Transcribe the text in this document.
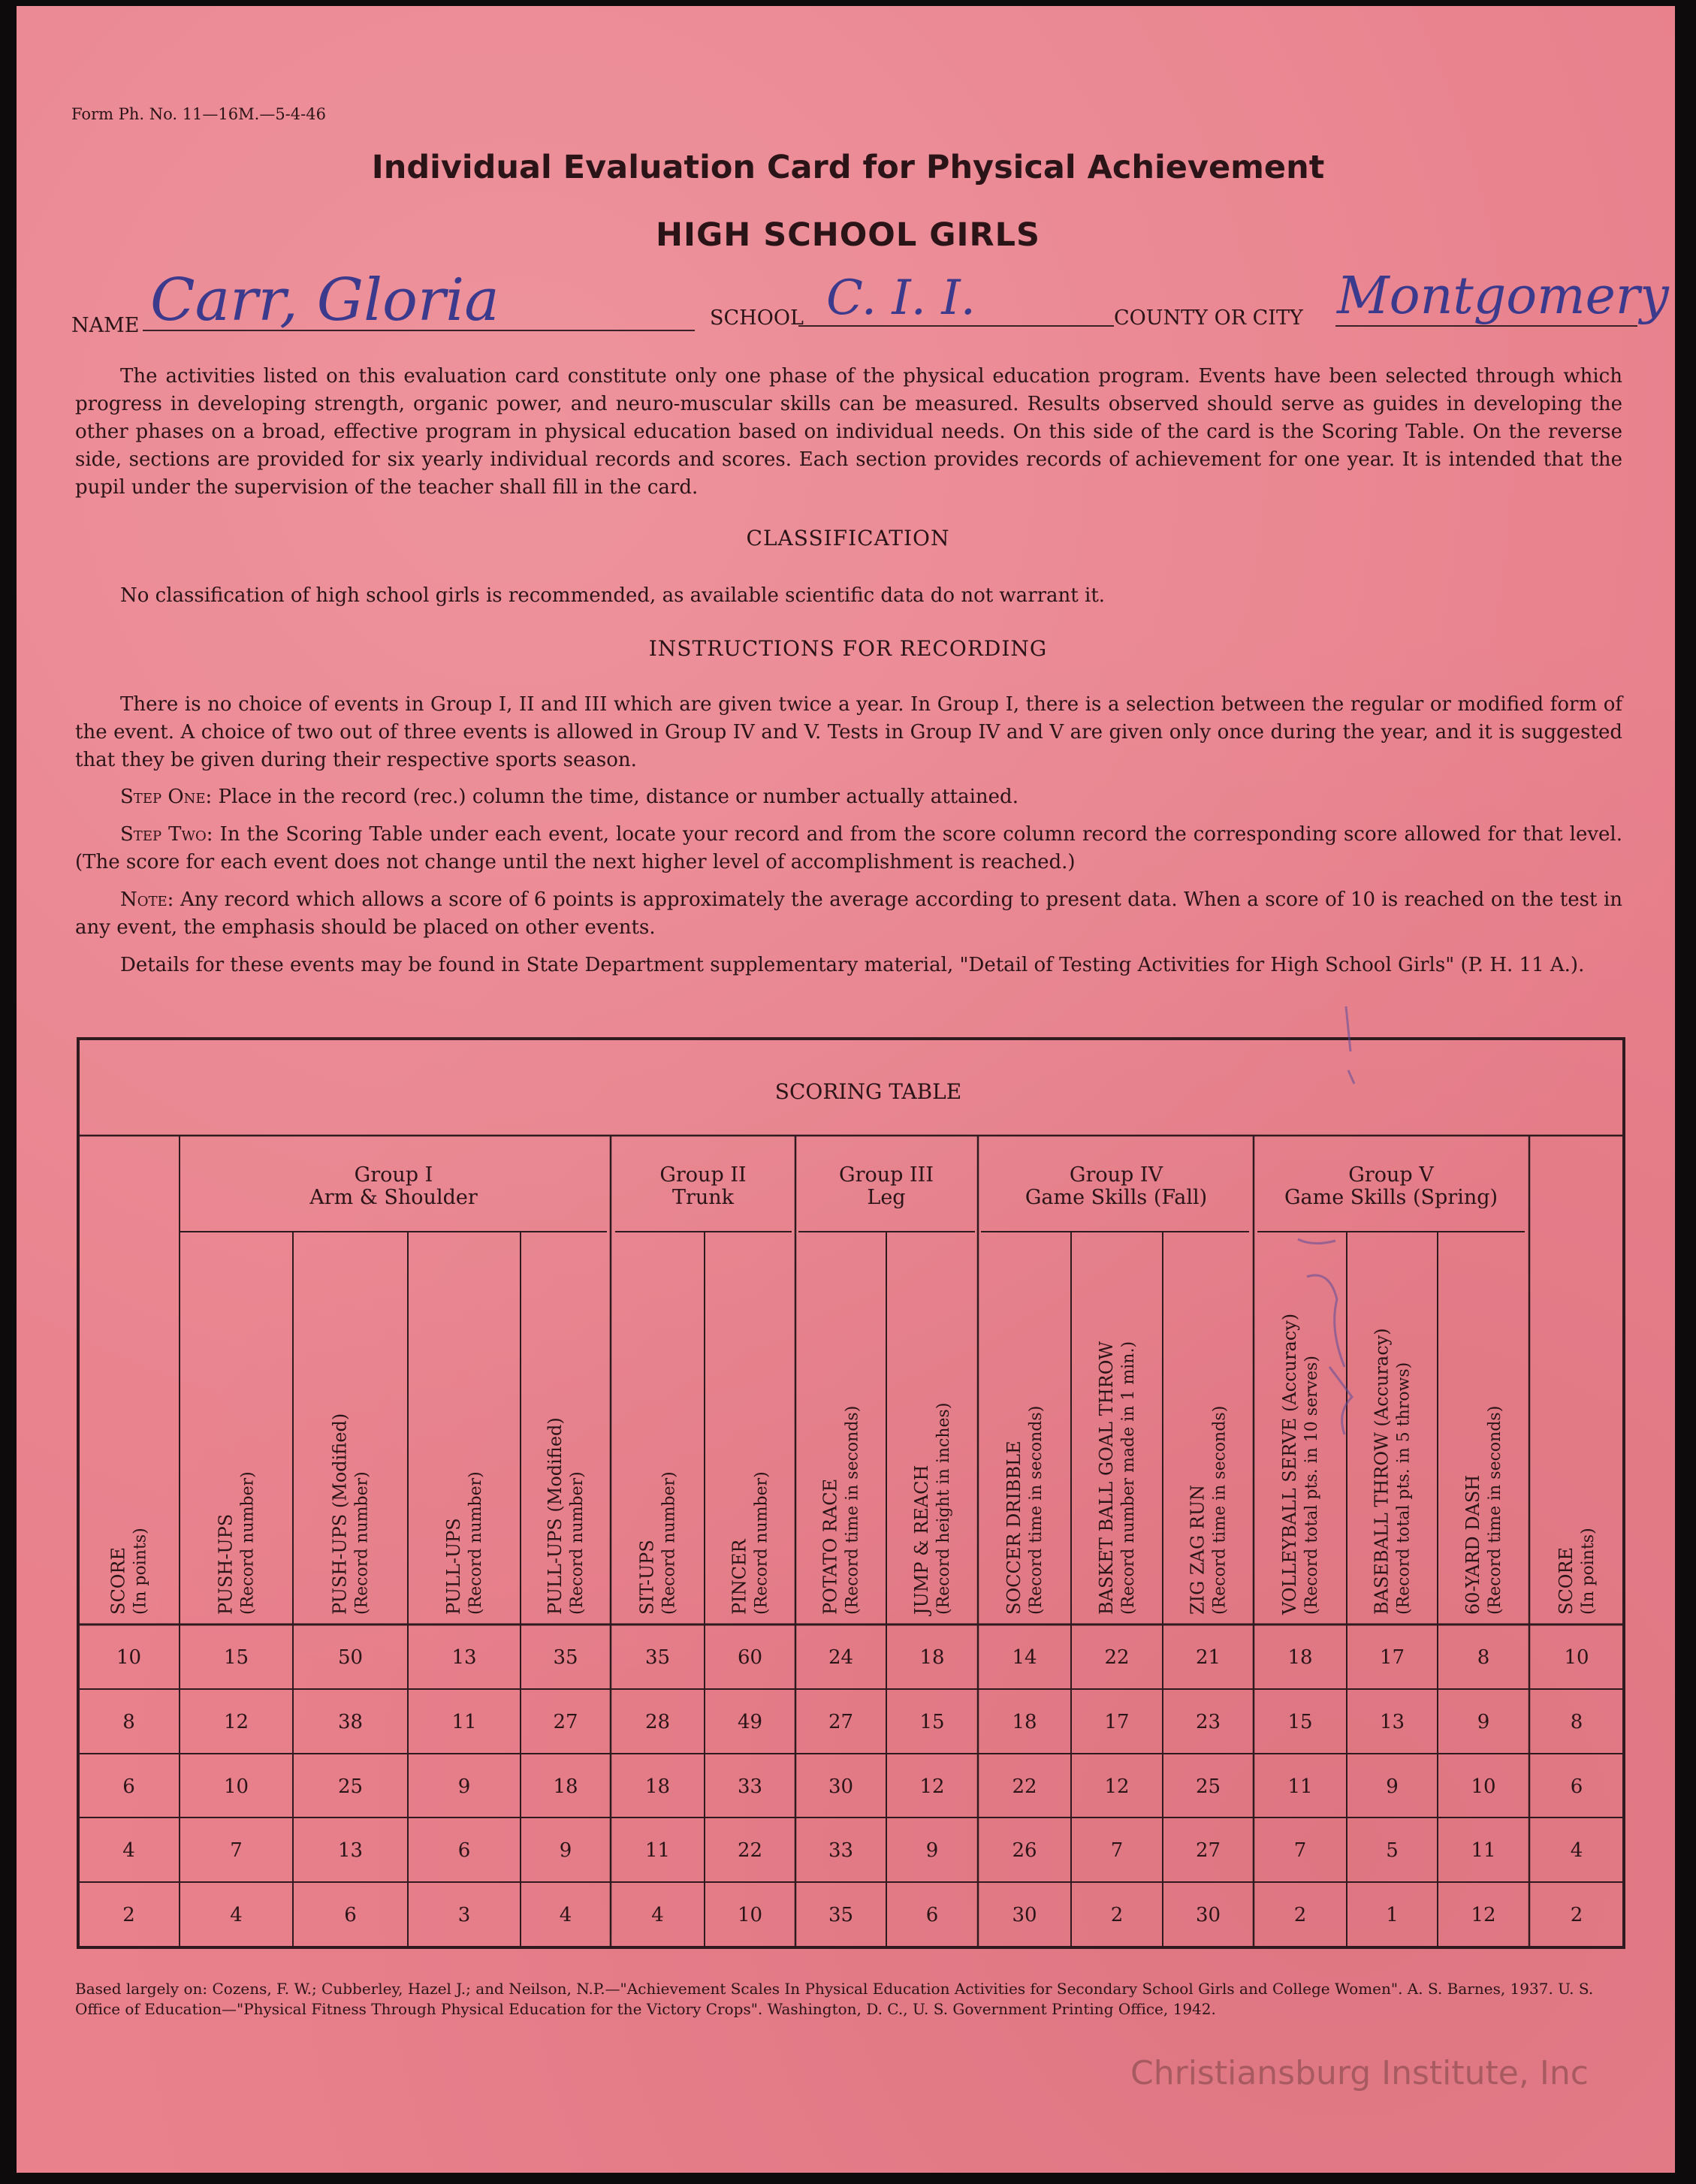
Form Ph. No. 11—16M.—5-4-46
Individual Evaluation Card for Physical Achievement
HIGH SCHOOL GIRLS
NAME Carr, Gloria	SCHOOL C. I. I.	COUNTY OR CITY Montgomery
The activities listed on this evaluation card constitute only one phase of the physical education program. Events have been selected through which progress in developing strength, organic power, and neuro-muscular skills can be measured. Results observed should serve as guides in developing the other phases on a broad, effective program in physical education based on individual needs. On this side of the card is the Scoring Table. On the reverse side, sections are provided for six yearly individual records and scores. Each section provides records of achievement for one year. It is intended that the pupil under the supervision of the teacher shall fill in the card.
CLASSIFICATION
No classification of high school girls is recommended, as available scientific data do not warrant it.
INSTRUCTIONS FOR RECORDING
There is no choice of events in Group I, II and III which are given twice a year. In Group I, there is a selection between the regular or modified form of the event. A choice of two out of three events is allowed in Group IV and V. Tests in Group IV and V are given only once during the year, and it is suggested that they be given during their respective sports season.
Step One: Place in the record (rec.) column the time, distance or number actually attained.
Step Two: In the Scoring Table under each event, locate your record and from the score column record the corresponding score allowed for that level. (The score for each event does not change until the next higher level of accomplishment is reached.)
Note: Any record which allows a score of 6 points is approximately the average according to present data. When a score of 10 is reached on the test in any event, the emphasis should be placed on other events.
Details for these events may be found in State Department supplementary material, "Detail of Testing Activities for High School Girls" (P. H. 11 A.).
SCORING TABLE
Group I
Arm & Shoulder
Group II
Trunk
Group III
Leg
Group IV
Game Skills (Fall)
Group V
Game Skills (Spring)
SCORE (In points)	PUSH-UPS (Record number)	PUSH-UPS (Modified) (Record number)	PULL-UPS (Record number)	PULL-UPS (Modified) (Record number)	SIT-UPS (Record number)	PINCER (Record number)	POTATO RACE (Record time in seconds)	JUMP & REACH (Record height in inches)	SOCCER DRIBBLE (Record time in seconds)	BASKET BALL GOAL THROW (Record number made in 1 min.)	ZIG ZAG RUN (Record time in seconds)	VOLLEYBALL SERVE (Accuracy) (Record total pts. in 10 serves)	BASEBALL THROW (Accuracy) (Record total pts. in 5 throws)	60-YARD DASH (Record time in seconds)	SCORE (In points)
10	15	50	13	35	35	60	24	18	14	22	21	18	17	8	10
8	12	38	11	27	28	49	27	15	18	17	23	15	13	9	8
6	10	25	9	18	18	33	30	12	22	12	25	11	9	10	6
4	7	13	6	9	11	22	33	9	26	7	27	7	5	11	4
2	4	6	3	4	4	10	35	6	30	2	30	2	1	12	2
Based largely on: Cozens, F. W.; Cubberley, Hazel J.; and Neilson, N.P.—"Achievement Scales In Physical Education Activities for Secondary School Girls and College Women". A. S. Barnes, 1937. U. S. Office of Education—"Physical Fitness Through Physical Education for the Victory Crops". Washington, D. C., U. S. Government Printing Office, 1942.
Christiansburg Institute, Inc
